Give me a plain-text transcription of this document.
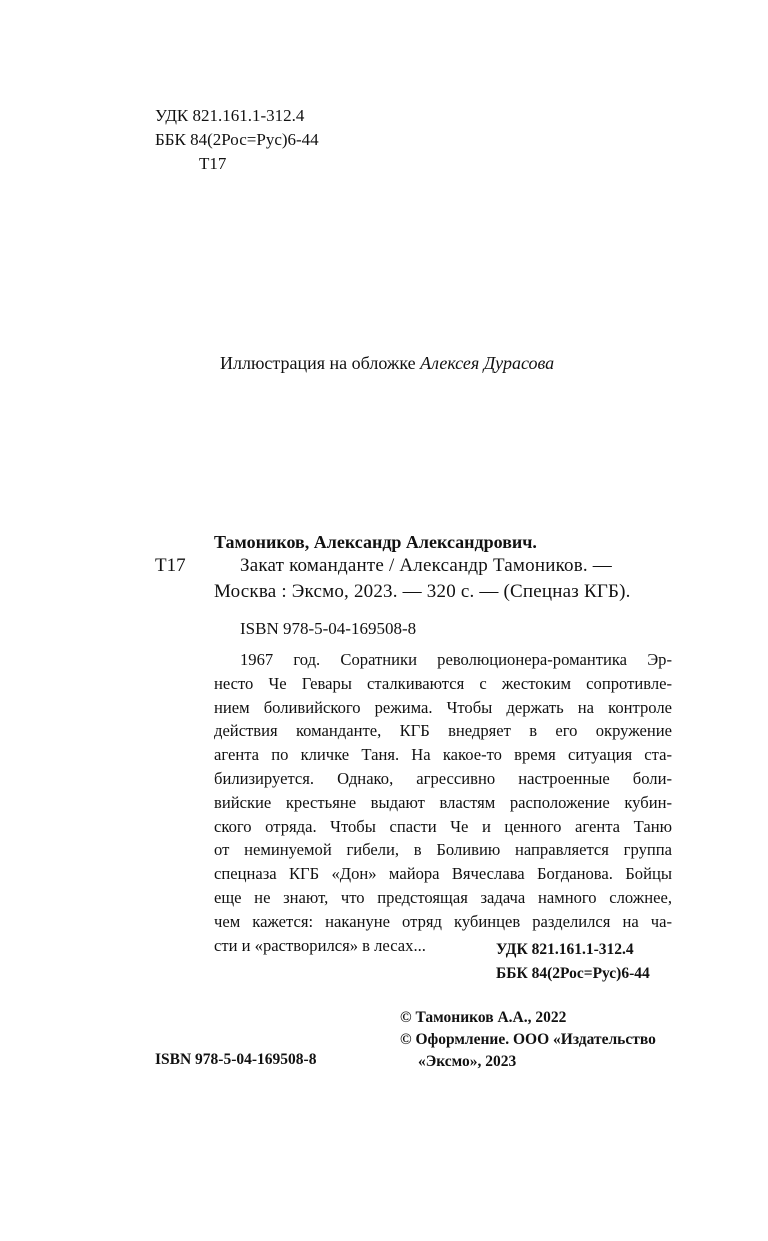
УДК 821.161.1-312.4
ББК 84(2Рос=Рус)6-44
Т17
Иллюстрация на обложке Алексея Дурасова
Тамоников, Александр Александрович.
Т17	Закат команданте / Александр Тамоников. —
Москва : Эксмо, 2023. — 320 с. — (Спецназ КГБ).
ISBN 978-5-04-169508-8
1967 год. Соратники революционера-романтика Эр-
несто Че Гевары сталкиваются с жестоким сопротивле-
нием боливийского режима. Чтобы держать на контроле
действия команданте, КГБ внедряет в его окружение
агента по кличке Таня. На какое-то время ситуация ста-
билизируется. Однако, агрессивно настроенные боли-
вийские крестьяне выдают властям расположение кубин-
ского отряда. Чтобы спасти Че и ценного агента Таню
от неминуемой гибели, в Боливию направляется группа
спецназа КГБ «Дон» майора Вячеслава Богданова. Бойцы
еще не знают, что предстоящая задача намного сложнее,
чем кажется: накануне отряд кубинцев разделился на ча-
сти и «растворился» в лесах...	УДК 821.161.1-312.4
ББК 84(2Рос=Рус)6-44
© Тамоников А.А., 2022
© Оформление. ООО «Издательство
«Эксмо», 2023
ISBN 978-5-04-169508-8
